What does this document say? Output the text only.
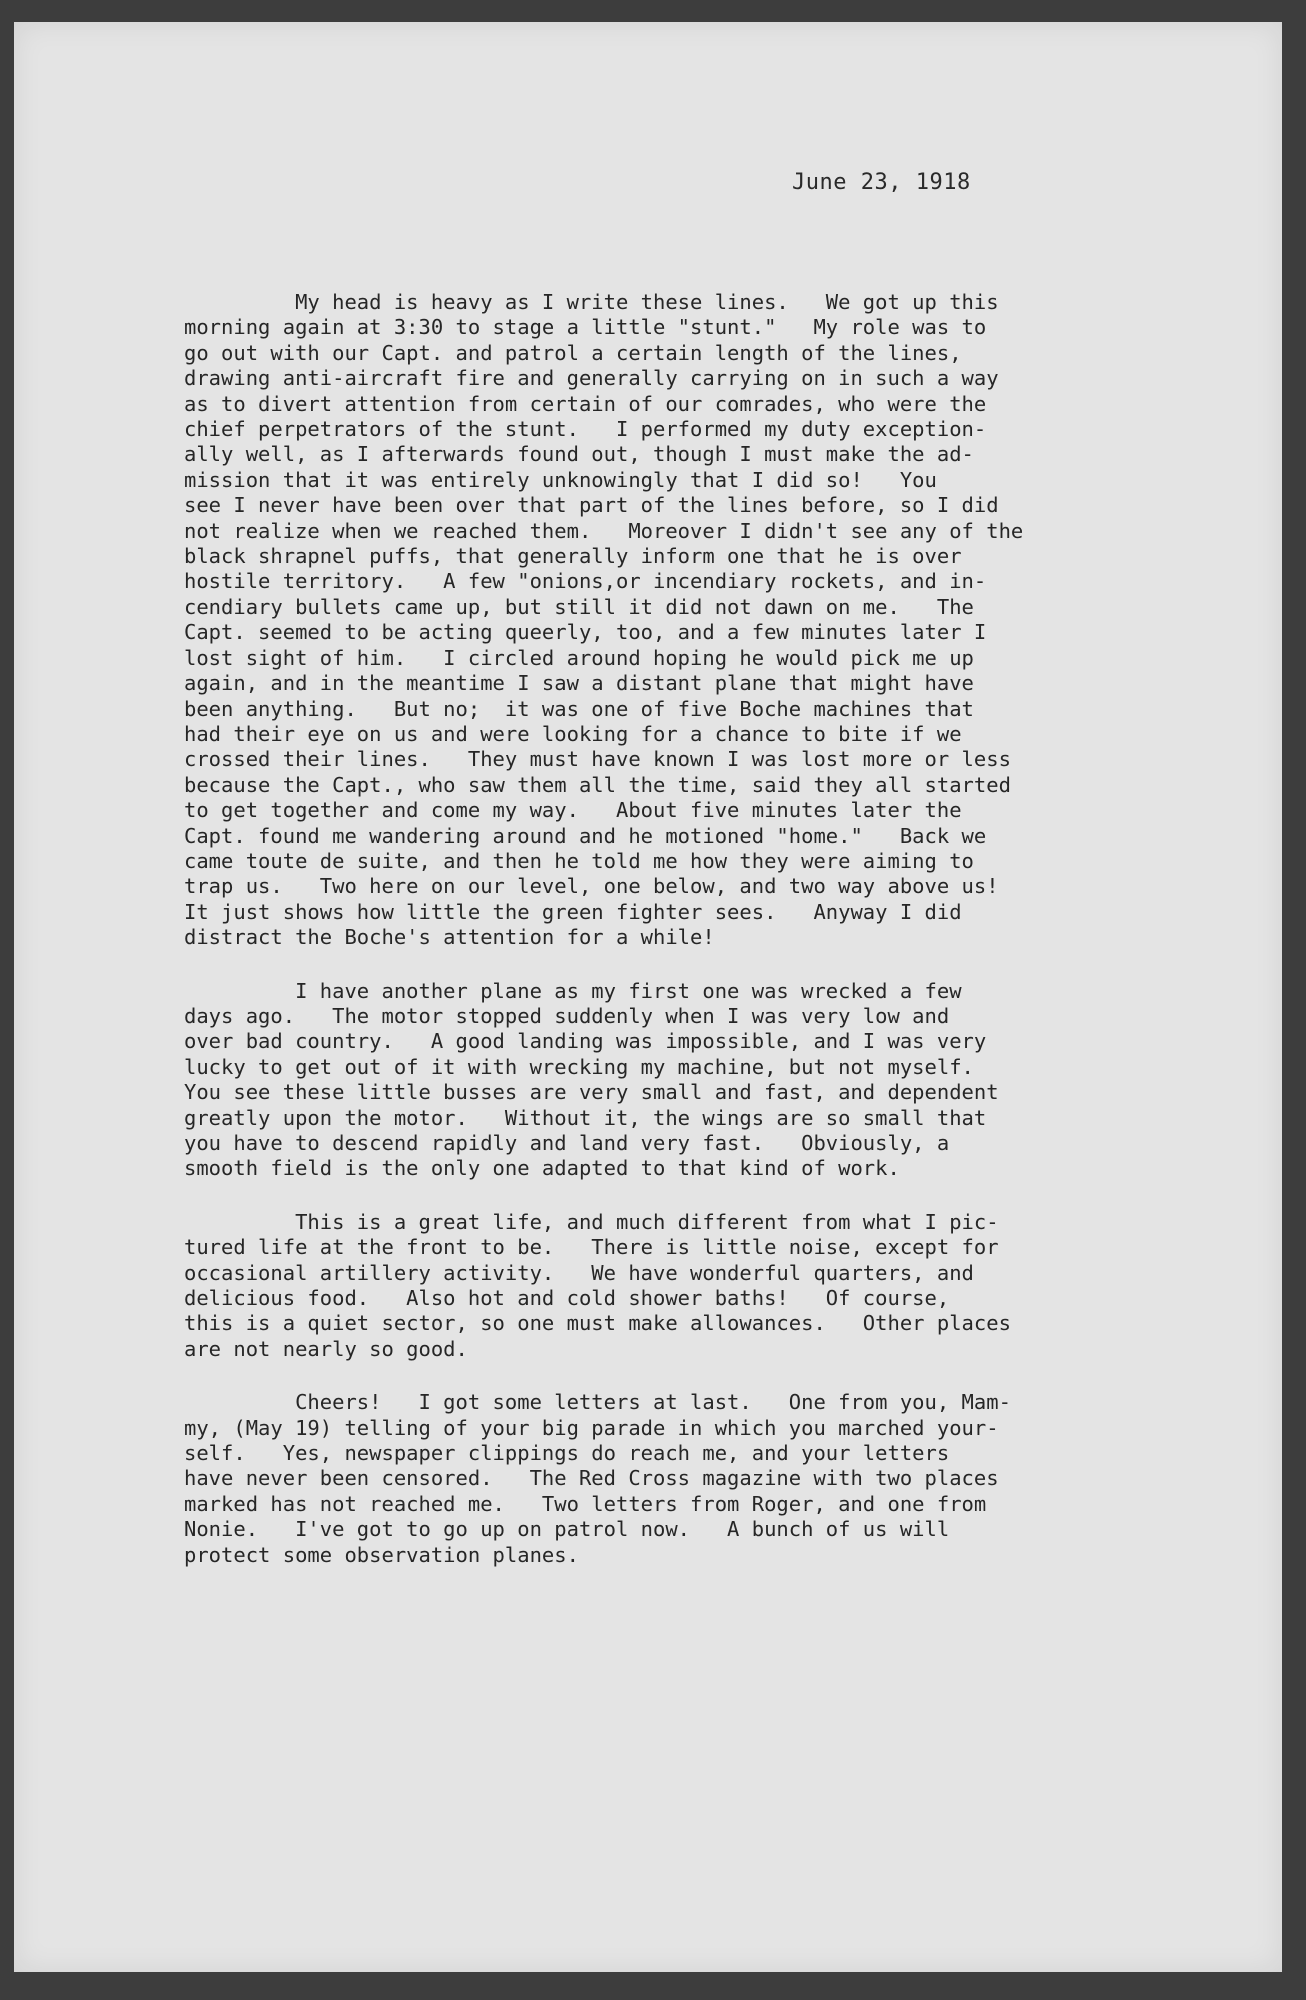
June 23, 1918

My head is heavy as I write these lines.   We got up this
morning again at 3:30 to stage a little "stunt."   My role was to
go out with our Capt. and patrol a certain length of the lines,
drawing anti-aircraft fire and generally carrying on in such a way
as to divert attention from certain of our comrades, who were the
chief perpetrators of the stunt.   I performed my duty exception-
ally well, as I afterwards found out, though I must make the ad-
mission that it was entirely unknowingly that I did so!   You
see I never have been over that part of the lines before, so I did
not realize when we reached them.   Moreover I didn't see any of the
black shrapnel puffs, that generally inform one that he is over
hostile territory.   A few "onions,or incendiary rockets, and in-
cendiary bullets came up, but still it did not dawn on me.   The
Capt. seemed to be acting queerly, too, and a few minutes later I
lost sight of him.   I circled around hoping he would pick me up
again, and in the meantime I saw a distant plane that might have
been anything.   But no;  it was one of five Boche machines that
had their eye on us and were looking for a chance to bite if we
crossed their lines.   They must have known I was lost more or less
because the Capt., who saw them all the time, said they all started
to get together and come my way.   About five minutes later the
Capt. found me wandering around and he motioned "home."   Back we
came toute de suite, and then he told me how they were aiming to
trap us.   Two here on our level, one below, and two way above us!
It just shows how little the green fighter sees.   Anyway I did
distract the Boche's attention for a while!

I have another plane as my first one was wrecked a few
days ago.   The motor stopped suddenly when I was very low and
over bad country.   A good landing was impossible, and I was very
lucky to get out of it with wrecking my machine, but not myself.
You see these little busses are very small and fast, and dependent
greatly upon the motor.   Without it, the wings are so small that
you have to descend rapidly and land very fast.   Obviously, a
smooth field is the only one adapted to that kind of work.

This is a great life, and much different from what I pic-
tured life at the front to be.   There is little noise, except for
occasional artillery activity.   We have wonderful quarters, and
delicious food.   Also hot and cold shower baths!   Of course,
this is a quiet sector, so one must make allowances.   Other places
are not nearly so good.

Cheers!   I got some letters at last.   One from you, Mam-
my, (May 19) telling of your big parade in which you marched your-
self.   Yes, newspaper clippings do reach me, and your letters
have never been censored.   The Red Cross magazine with two places
marked has not reached me.   Two letters from Roger, and one from
Nonie.   I've got to go up on patrol now.   A bunch of us will
protect some observation planes.
